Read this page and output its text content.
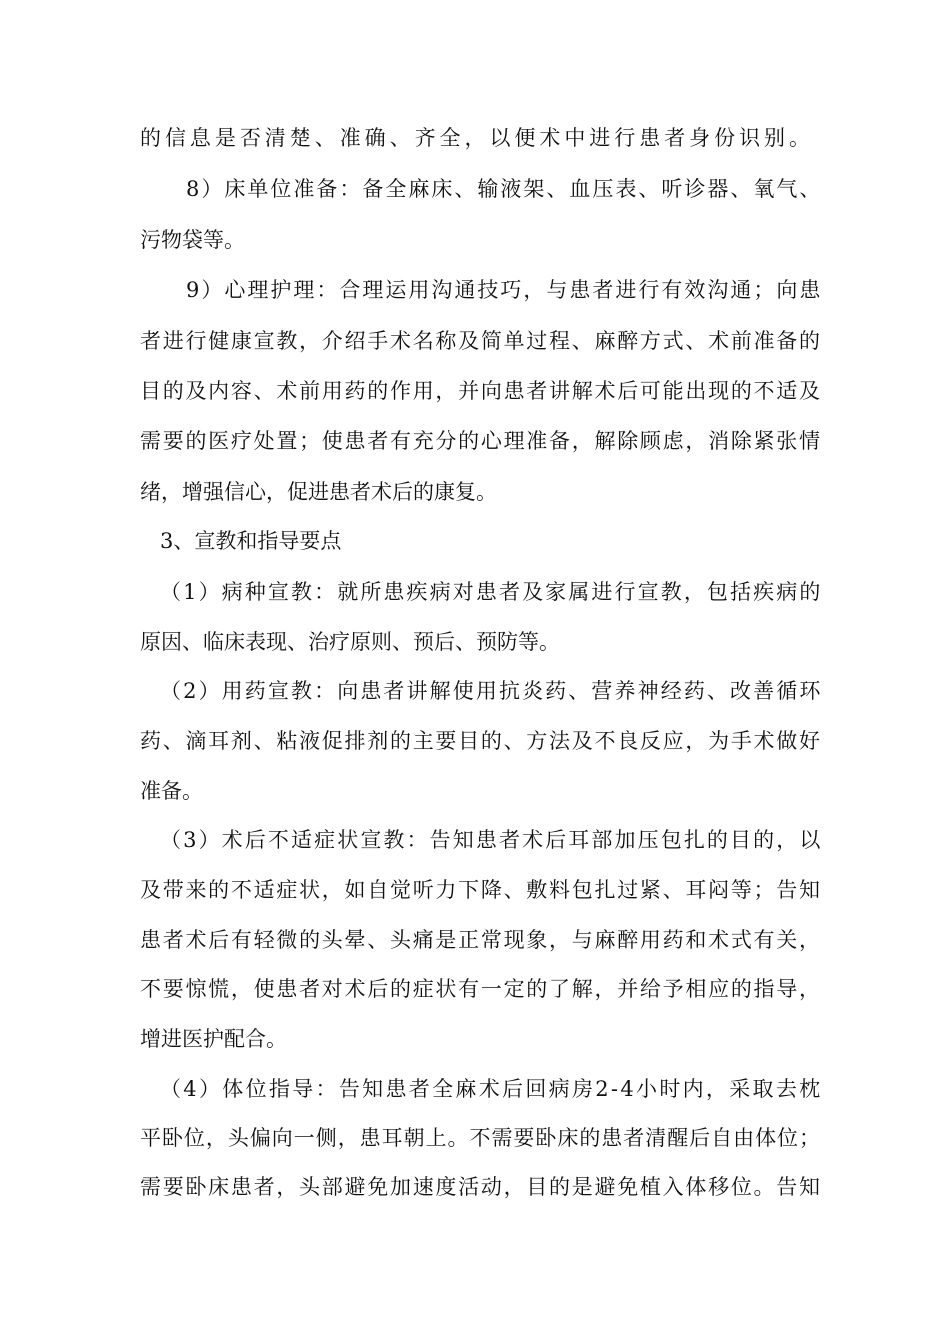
的信息是否清楚、准确、齐全，以便术中进行患者身份识别。
8）床单位准备：备全麻床、输液架、血压表、听诊器、氧气、
污物袋等。
9）心理护理：合理运用沟通技巧，与患者进行有效沟通；向患
者进行健康宣教，介绍手术名称及简单过程、麻醉方式、术前准备的
目的及内容、术前用药的作用，并向患者讲解术后可能出现的不适及
需要的医疗处置；使患者有充分的心理准备，解除顾虑，消除紧张情
绪，增强信心，促进患者术后的康复。
3、宣教和指导要点
（1）病种宣教：就所患疾病对患者及家属进行宣教，包括疾病的
原因、临床表现、治疗原则、预后、预防等。
（2）用药宣教：向患者讲解使用抗炎药、营养神经药、改善循环
药、滴耳剂、粘液促排剂的主要目的、方法及不良反应，为手术做好
准备。
（3）术后不适症状宣教：告知患者术后耳部加压包扎的目的，以
及带来的不适症状，如自觉听力下降、敷料包扎过紧、耳闷等；告知
患者术后有轻微的头晕、头痛是正常现象，与麻醉用药和术式有关，
不要惊慌，使患者对术后的症状有一定的了解，并给予相应的指导，
增进医护配合。
（4）体位指导：告知患者全麻术后回病房2-4小时内，采取去枕
平卧位，头偏向一侧，患耳朝上。不需要卧床的患者清醒后自由体位；
需要卧床患者，头部避免加速度活动，目的是避免植入体移位。告知
